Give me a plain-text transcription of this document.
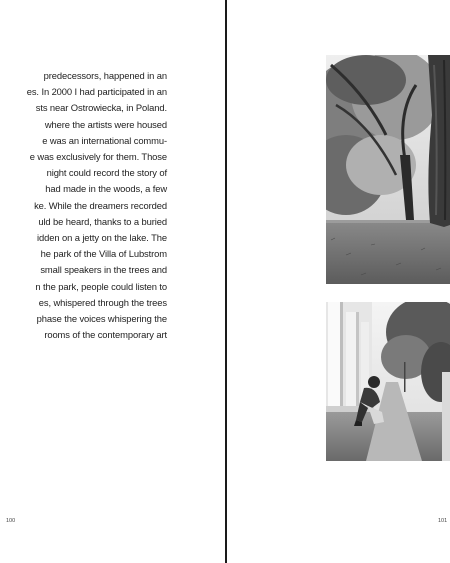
predecessors, happened in an
es. In 2000 I had participated in an
sts near Ostrowiecka, in Poland.
where the artists were housed
e was an international commu-
e was exclusively for them. Those
night could record the story of
had made in the woods, a few
ke. While the dreamers recorded
uld be heard, thanks to a buried
idden on a jetty on the lake. The
he park of the Villa of Lubstrom
small speakers in the trees and
n the park, people could listen to
es, whispered through the trees
phase the voices whispering the
rooms of the contemporary art
100	101
